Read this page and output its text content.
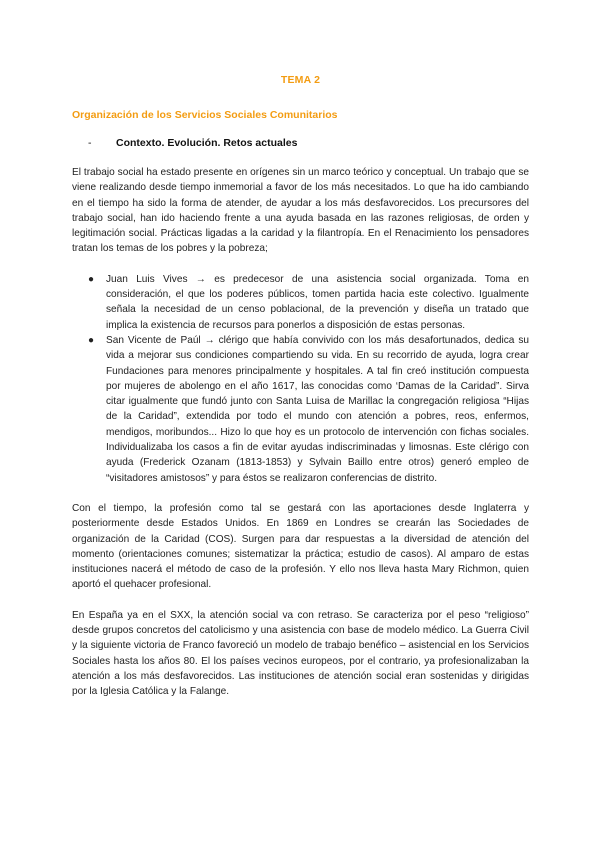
TEMA 2
Organización de los Servicios Sociales Comunitarios
-	Contexto. Evolución. Retos actuales

El trabajo social ha estado presente en orígenes sin un marco teórico y conceptual. Un trabajo que se viene realizando desde tiempo inmemorial a favor de los más necesitados. Lo que ha ido cambiando en el tiempo ha sido la forma de atender, de ayudar a los más desfavorecidos. Los precursores del trabajo social, han ido haciendo frente a una ayuda basada en las razones religiosas, de orden y legitimación social. Prácticas ligadas a la caridad y la filantropía. En el Renacimiento los pensadores tratan los temas de los pobres y la pobreza;

● Juan Luis Vives → es predecesor de una asistencia social organizada. Toma en consideración, el que los poderes públicos, tomen partida hacia este colectivo. Igualmente señala la necesidad de un censo poblacional, de la prevención y diseña un tratado que implica la existencia de recursos para ponerlos a disposición de estas personas.
● San Vicente de Paúl → clérigo que había convivido con los más desafortunados, dedica su vida a mejorar sus condiciones compartiendo su vida. En su recorrido de ayuda, logra crear Fundaciones para menores principalmente y hospitales. A tal fin creó institución compuesta por mujeres de abolengo en el año 1617, las conocidas como ‘Damas de la Caridad”. Sirva citar igualmente que fundó junto con Santa Luisa de Marillac la congregación religiosa “Hijas de la Caridad”, extendida por todo el mundo con atención a pobres, reos, enfermos, mendigos, moribundos... Hizo lo que hoy es un protocolo de intervención con fichas sociales. Individualizaba los casos a fin de evitar ayudas indiscriminadas y limosnas. Este clérigo con ayuda (Frederick Ozanam (1813-1853) y Sylvain Baillo entre otros) generó empleo de “visitadores amistosos” y para éstos se realizaron conferencias de distrito.

Con el tiempo, la profesión como tal se gestará con las aportaciones desde Inglaterra y posteriormente desde Estados Unidos. En 1869 en Londres se crearán las Sociedades de organización de la Caridad (COS). Surgen para dar respuestas a la diversidad de atención del momento (orientaciones comunes; sistematizar la práctica; estudio de casos). Al amparo de estas instituciones nacerá el método de caso de la profesión. Y ello nos lleva hasta Mary Richmon, quien aportó el quehacer profesional.

En España ya en el SXX, la atención social va con retraso. Se caracteriza por el peso “religioso” desde grupos concretos del catolicismo y una asistencia con base de modelo médico. La Guerra Civil y la siguiente victoria de Franco favoreció un modelo de trabajo benéfico – asistencial en los Servicios Sociales hasta los años 80. El los países vecinos europeos, por el contrario, ya profesionalizaban la atención a los más desfavorecidos. Las instituciones de atención social eran sostenidas y dirigidas por la Iglesia Católica y la Falange.
